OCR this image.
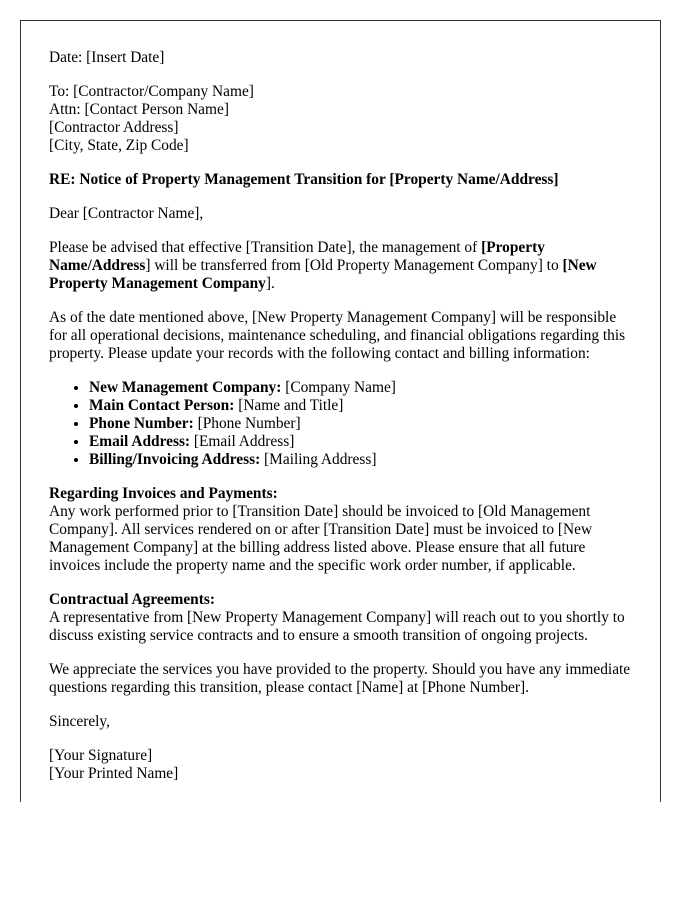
Date: [Insert Date]

To: [Contractor/Company Name]
Attn: [Contact Person Name]
[Contractor Address]
[City, State, Zip Code]

RE: Notice of Property Management Transition for [Property Name/Address]

Dear [Contractor Name],

Please be advised that effective [Transition Date], the management of [Property Name/Address] will be transferred from [Old Property Management Company] to [New Property Management Company].

As of the date mentioned above, [New Property Management Company] will be responsible for all operational decisions, maintenance scheduling, and financial obligations regarding this property. Please update your records with the following contact and billing information:

• New Management Company: [Company Name]
• Main Contact Person: [Name and Title]
• Phone Number: [Phone Number]
• Email Address: [Email Address]
• Billing/Invoicing Address: [Mailing Address]

Regarding Invoices and Payments:
Any work performed prior to [Transition Date] should be invoiced to [Old Management Company]. All services rendered on or after [Transition Date] must be invoiced to [New Management Company] at the billing address listed above. Please ensure that all future invoices include the property name and the specific work order number, if applicable.

Contractual Agreements:
A representative from [New Property Management Company] will reach out to you shortly to discuss existing service contracts and to ensure a smooth transition of ongoing projects.

We appreciate the services you have provided to the property. Should you have any immediate questions regarding this transition, please contact [Name] at [Phone Number].

Sincerely,

[Your Signature]
[Your Printed Name]
